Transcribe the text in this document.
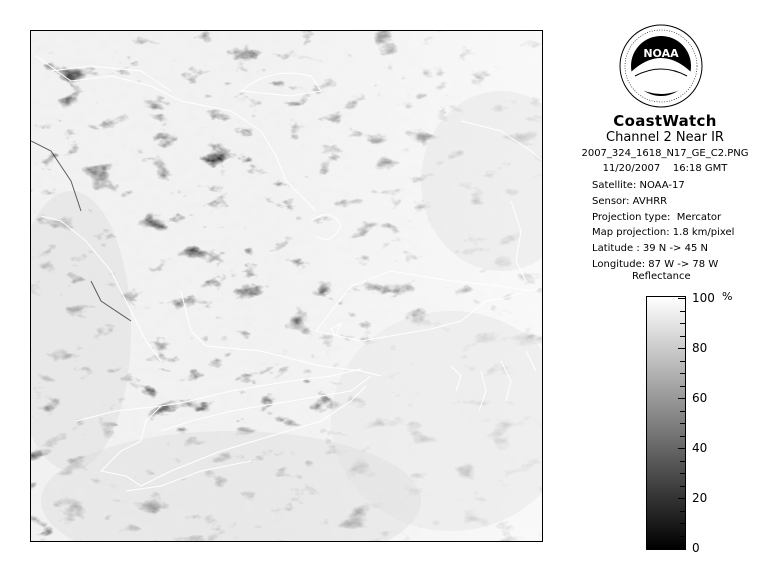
NOAA
CoastWatch
Channel 2 Near IR
2007_324_1618_N17_GE_C2.PNG
11/20/2007    16:18 GMT
Satellite: NOAA-17
Sensor: AVHRR
Projection type:  Mercator
Map projection: 1.8 km/pixel
Latitude : 39 N -> 45 N
Longitude: 87 W -> 78 W
Reflectance
%
100
80
60
40
20
0
